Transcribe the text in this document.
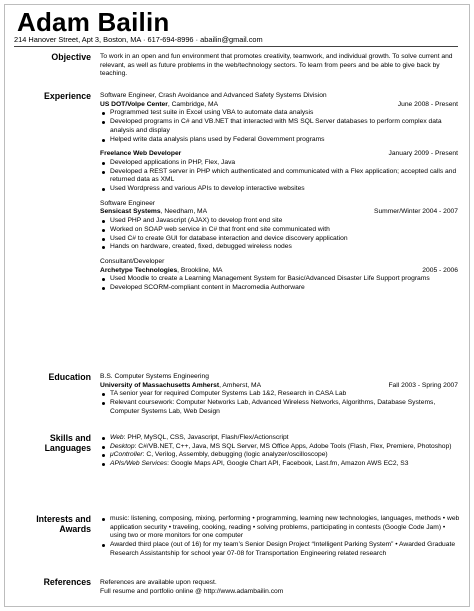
Adam Bailin
214 Hanover Street, Apt 3, Boston, MA · 617-694-8996 · abailin@gmail.com
Objective To work in an open and fun environment that promotes creativity, teamwork, and individual growth. To solve current and relevant, as well as future problems in the web/technology sectors. To learn from peers and be able to give back by teaching.
Experience Software Engineer, Crash Avoidance and Advanced Safety Systems Division
US DOT/Volpe Center, Cambridge, MA	June 2008 - Present
Programmed test suite in Excel using VBA to automate data analysis
Developed programs in C# and VB.NET that interacted with MS SQL Server databases to perform complex data analysis and display
Helped write data analysis plans used by Federal Government programs
Freelance Web Developer	January 2009 - Present
Developed applications in PHP, Flex, Java
Developed a REST server in PHP which authenticated and communicated with a Flex application; accepted calls and returned data as XML
Used Wordpress and various APIs to develop interactive websites
Software Engineer
Sensicast Systems, Needham, MA	Summer/Winter 2004 - 2007
Used PHP and Javascript (AJAX) to develop front end site
Worked on SOAP web service in C# that front end site communicated with
Used C# to create GUI for database interaction and device discovery application
Hands on hardware, created, fixed, debugged wireless nodes
Consultant/Developer
Archetype Technologies, Brookline, MA	2005 - 2006
Used Moodle to create a Learning Management System for Basic/Advanced Disaster Life Support programs
Developed SCORM-compliant content in Macromedia Authorware
Education B.S. Computer Systems Engineering
University of Massachusetts Amherst, Amherst, MA	Fall 2003 - Spring 2007
TA senior year for required Computer Systems Lab 1&2, Research in CASA Lab
Relevant coursework: Computer Networks Lab, Advanced Wireless Networks, Algorithms, Database Systems, Computer Systems Lab, Web Design
Skills and
Languages
Web: PHP, MySQL, CSS, Javascript, Flash/Flex/Actionscript
Desktop: C#/VB.NET, C++, Java, MS SQL Server, MS Office Apps, Adobe Tools (Flash, Flex, Premiere, Photoshop)
μController: C, Verilog, Assembly, debugging (logic analyzer/oscilloscope)
APIs/Web Services: Google Maps API, Google Chart API, Facebook, Last.fm, Amazon AWS EC2, S3
Interests and
Awards
music: listening, composing, mixing, performing • programming, learning new technologies, languages, methods • web application security • traveling, cooking, reading • solving problems, participating in contests (Google Code Jam) • using two or more monitors for one computer
Awarded third place (out of 16) for my team’s Senior Design Project “Intelligent Parking System” • Awarded Graduate Research Assistantship for school year 07-08 for Transportation Engineering related research
References References are available upon request.
Full resume and portfolio online @ http://www.adambailin.com
